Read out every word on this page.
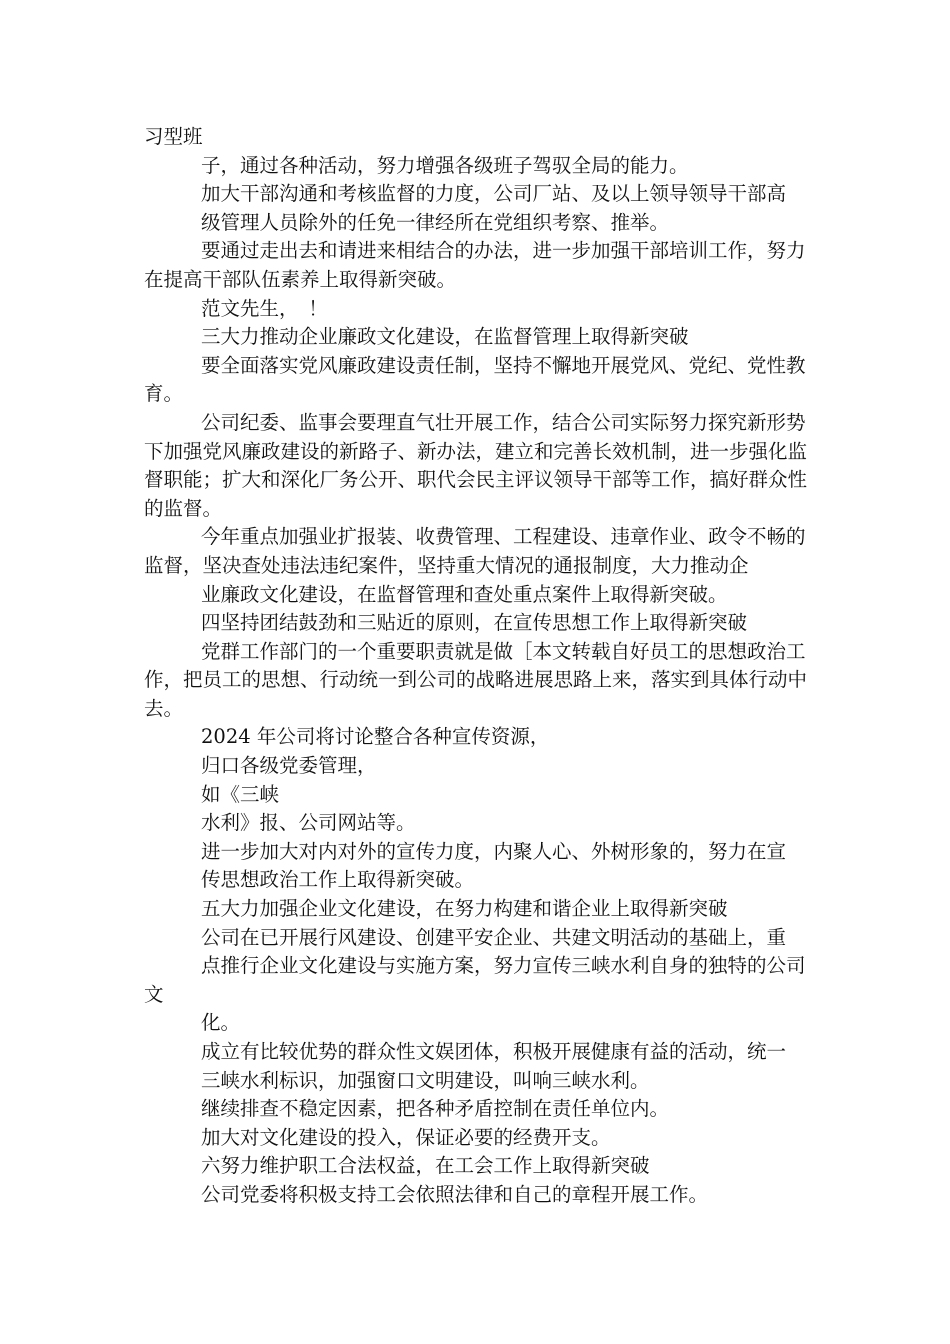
习型班

子，通过各种活动，努力增强各级班子驾驭全局的能力。

加大干部沟通和考核监督的力度，公司厂站、及以上领导领导干部高

级管理人员除外的任免一律经所在党组织考察、推举。

要通过走出去和请进来相结合的办法，进一步加强干部培训工作，努力在提高干部队伍素养上取得新突破。

范文先生，　！

三大力推动企业廉政文化建设，在监督管理上取得新突破

要全面落实党风廉政建设责任制，坚持不懈地开展党风、党纪、党性教育。

公司纪委、监事会要理直气壮开展工作，结合公司实际努力探究新形势下加强党风廉政建设的新路子、新办法，建立和完善长效机制，进一步强化监督职能；扩大和深化厂务公开、职代会民主评议领导干部等工作，搞好群众性的监督。

今年重点加强业扩报装、收费管理、工程建设、违章作业、政令不畅的监督，坚决查处违法违纪案件，坚持重大情况的通报制度，大力推动企

业廉政文化建设，在监督管理和查处重点案件上取得新突破。

四坚持团结鼓劲和三贴近的原则，在宣传思想工作上取得新突破

党群工作部门的一个重要职责就是做［本文转载自好员工的思想政治工作，把员工的思想、行动统一到公司的战略进展思路上来，落实到具体行动中去。

2024 年公司将讨论整合各种宣传资源，

归口各级党委管理，

如《三峡

水利》报、公司网站等。

进一步加大对内对外的宣传力度，内聚人心、外树形象的，努力在宣

传思想政治工作上取得新突破。

五大力加强企业文化建设，在努力构建和谐企业上取得新突破

公司在已开展行风建设、创建平安企业、共建文明活动的基础上，重

点推行企业文化建设与实施方案，努力宣传三峡水利自身的独特的公司文

化。

成立有比较优势的群众性文娱团体，积极开展健康有益的活动，统一

三峡水利标识，加强窗口文明建设，叫响三峡水利。

继续排查不稳定因素，把各种矛盾控制在责任单位内。

加大对文化建设的投入，保证必要的经费开支。

六努力维护职工合法权益，在工会工作上取得新突破

公司党委将积极支持工会依照法律和自己的章程开展工作。
